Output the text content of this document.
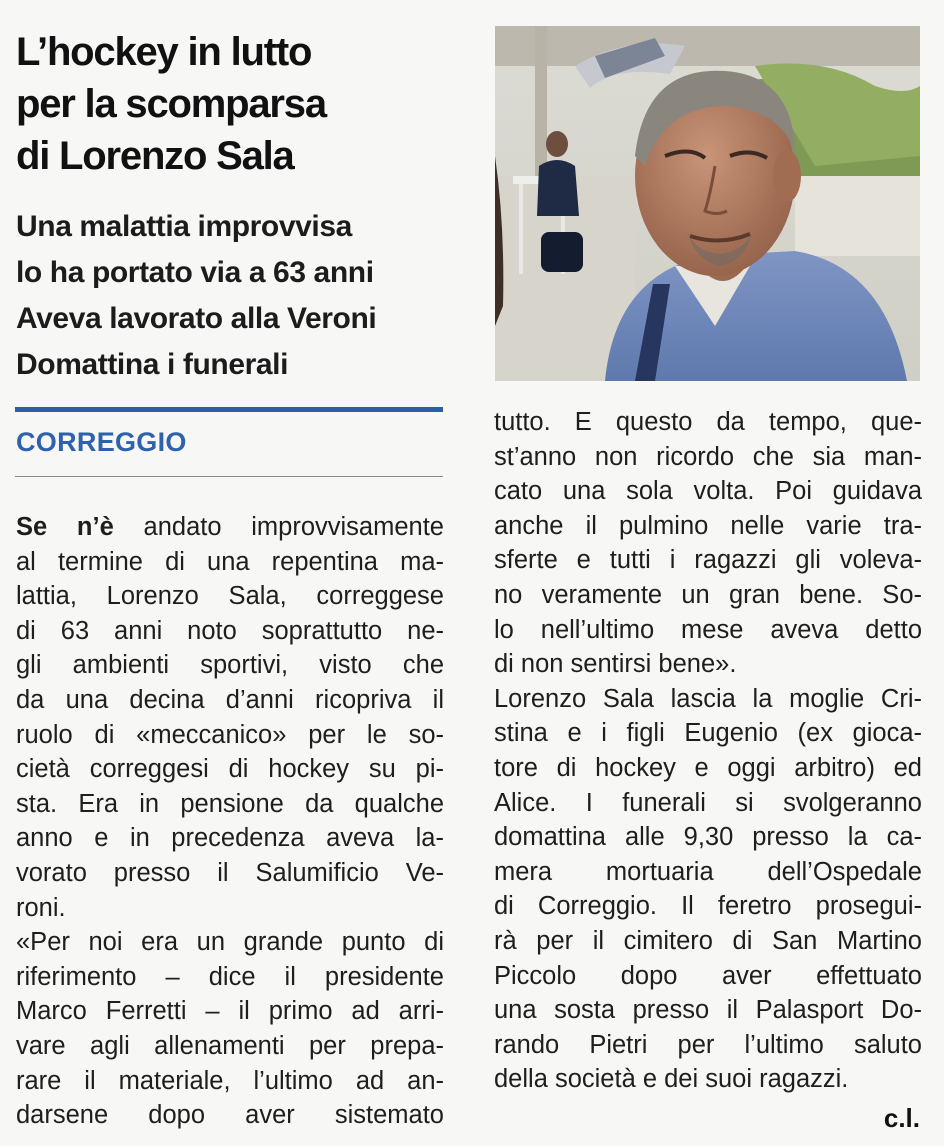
L’hockey in lutto
per la scomparsa
di Lorenzo Sala
Una malattia improvvisa
lo ha portato via a 63 anni
Aveva lavorato alla Veroni
Domattina i funerali

CORREGGIO

Se n’è andato improvvisamente
al termine di una repentina ma-
lattia, Lorenzo Sala, correggese
di 63 anni noto soprattutto ne-
gli ambienti sportivi, visto che
da una decina d’anni ricopriva il
ruolo di «meccanico» per le so-
cietà correggesi di hockey su pi-
sta. Era in pensione da qualche
anno e in precedenza aveva la-
vorato presso il Salumificio Ve-
roni.
«Per noi era un grande punto di
riferimento – dice il presidente
Marco Ferretti – il primo ad arri-
vare agli allenamenti per prepa-
rare il materiale, l’ultimo ad an-
darsene dopo aver sistemato
tutto. E questo da tempo, que-
st’anno non ricordo che sia man-
cato una sola volta. Poi guidava
anche il pulmino nelle varie tra-
sferte e tutti i ragazzi gli voleva-
no veramente un gran bene. So-
lo nell’ultimo mese aveva detto
di non sentirsi bene».
Lorenzo Sala lascia la moglie Cri-
stina e i figli Eugenio (ex gioca-
tore di hockey e oggi arbitro) ed
Alice. I funerali si svolgeranno
domattina alle 9,30 presso la ca-
mera mortuaria dell’Ospedale
di Correggio. Il feretro prosegui-
rà per il cimitero di San Martino
Piccolo dopo aver effettuato
una sosta presso il Palasport Do-
rando Pietri per l’ultimo saluto
della società e dei suoi ragazzi.
c.l.
